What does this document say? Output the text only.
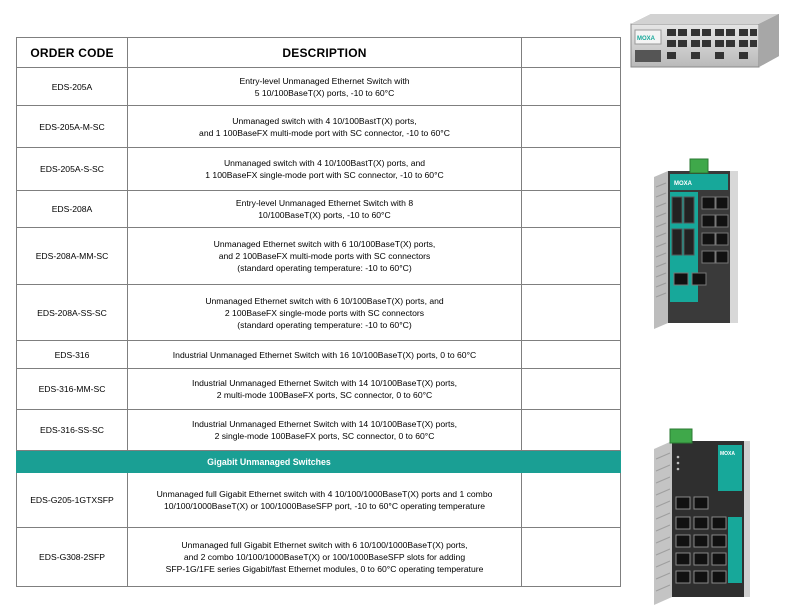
ORDER CODE	DESCRIPTION	
EDS-205A	Entry-level Unmanaged Ethernet Switch with
5 10/100BaseT(X) ports, -10 to 60°C	

EDS-205A-M-SC	Unmanaged switch with 4 10/100BastT(X) ports,
and 1 100BaseFX multi-mode port with SC connector, -10 to 60°C	

EDS-205A-S-SC	Unmanaged switch with 4 10/100BastT(X) ports, and
1 100BaseFX single-mode port with SC connector, -10 to 60°C	

EDS-208A	Entry-level Unmanaged Ethernet Switch with 8
10/100BaseT(X) ports, -10 to 60°C	

EDS-208A-MM-SC	Unmanaged Ethernet switch with 6 10/100BaseT(X) ports,
and 2 100BaseFX multi-mode ports with SC connectors
(standard operating temperature: -10 to 60°C)	

EDS-208A-SS-SC	Unmanaged Ethernet switch with 6 10/100BaseT(X) ports, and
2 100BaseFX single-mode ports with SC connectors
(standard operating temperature: -10 to 60°C)	

EDS-316	Industrial Unmanaged Ethernet Switch with 16 10/100BaseT(X) ports, 0 to 60°C	

EDS-316-MM-SC	Industrial Unmanaged Ethernet Switch with 14 10/100BaseT(X) ports,
2 multi-mode 100BaseFX ports, SC connector, 0 to 60°C	

EDS-316-SS-SC	Industrial Unmanaged Ethernet Switch with 14 10/100BaseT(X) ports,
2 single-mode 100BaseFX ports, SC connector, 0 to 60°C	

Gigabit Unmanaged Switches		
EDS-G205-1GTXSFP	Unmanaged full Gigabit Ethernet switch with 4 10/100/1000BaseT(X) ports and 1 combo
10/100/1000BaseT(X) or 100/1000BaseSFP port, -10 to 60°C operating temperature	

EDS-G308-2SFP	Unmanaged full Gigabit Ethernet switch with 6 10/100/1000BaseT(X) ports,
and 2 combo 10/100/1000BaseT(X) or 100/1000BaseSFP slots for adding
SFP-1G/1FE series Gigabit/fast Ethernet modules, 0 to 60°C operating temperature	

MOXA
MOXA
MOXA
